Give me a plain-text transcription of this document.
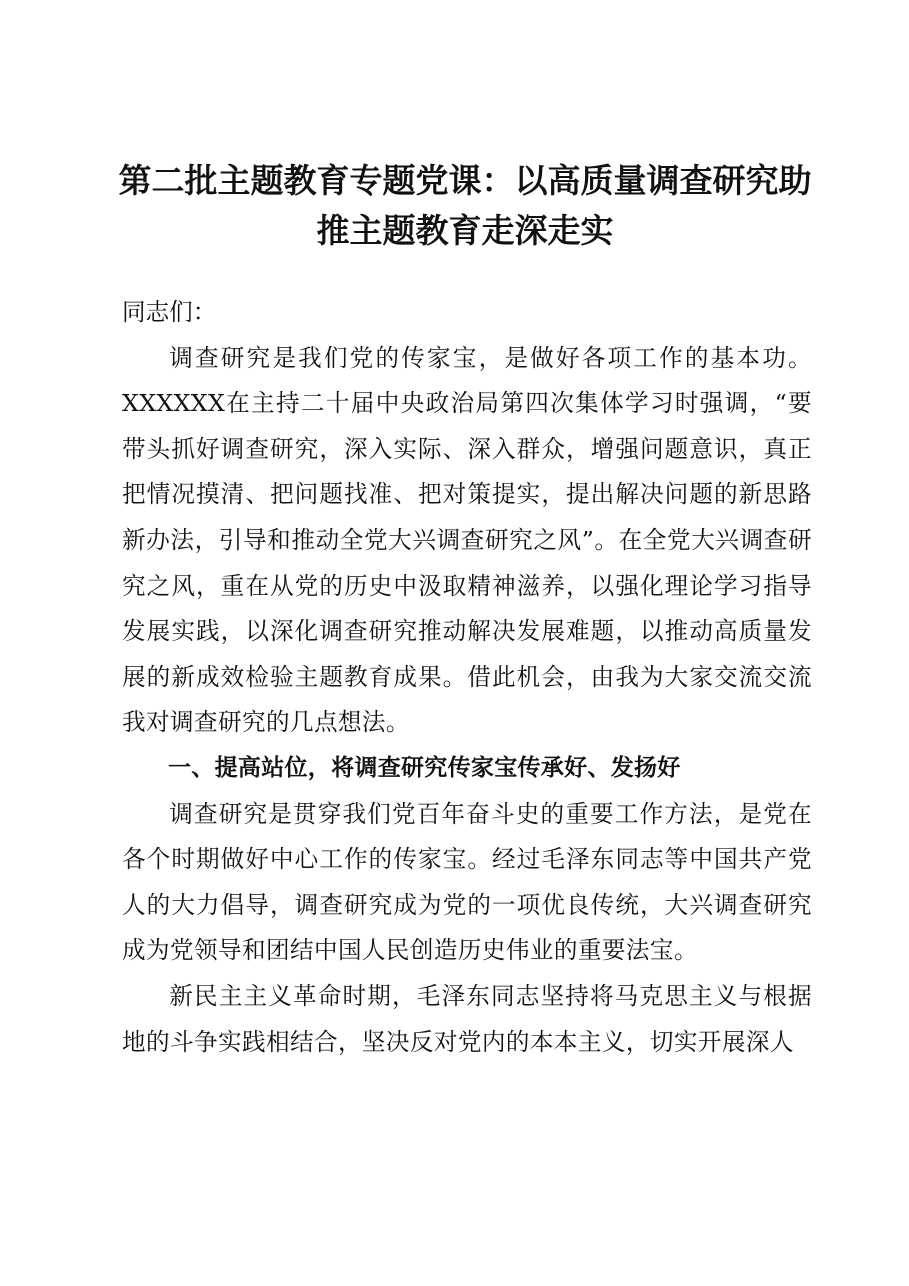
第二批主题教育专题党课：以高质量调查研究助
推主题教育走深走实

同志们：

调查研究是我们党的传家宝，是做好各项工作的基本功。XXXXXX在主持二十届中央政治局第四次集体学习时强调，“要带头抓好调查研究，深入实际、深入群众，增强问题意识，真正把情况摸清、把问题找准、把对策提实，提出解决问题的新思路新办法，引导和推动全党大兴调查研究之风”。在全党大兴调查研究之风，重在从党的历史中汲取精神滋养，以强化理论学习指导发展实践，以深化调查研究推动解决发展难题，以推动高质量发展的新成效检验主题教育成果。借此机会，由我为大家交流交流我对调查研究的几点想法。

一、提高站位，将调查研究传家宝传承好、发扬好

调查研究是贯穿我们党百年奋斗史的重要工作方法，是党在各个时期做好中心工作的传家宝。经过毛泽东同志等中国共产党人的大力倡导，调查研究成为党的一项优良传统，大兴调查研究成为党领导和团结中国人民创造历史伟业的重要法宝。

新民主主义革命时期，毛泽东同志坚持将马克思主义与根据地的斗争实践相结合，坚决反对党内的本本主义，切实开展深人
